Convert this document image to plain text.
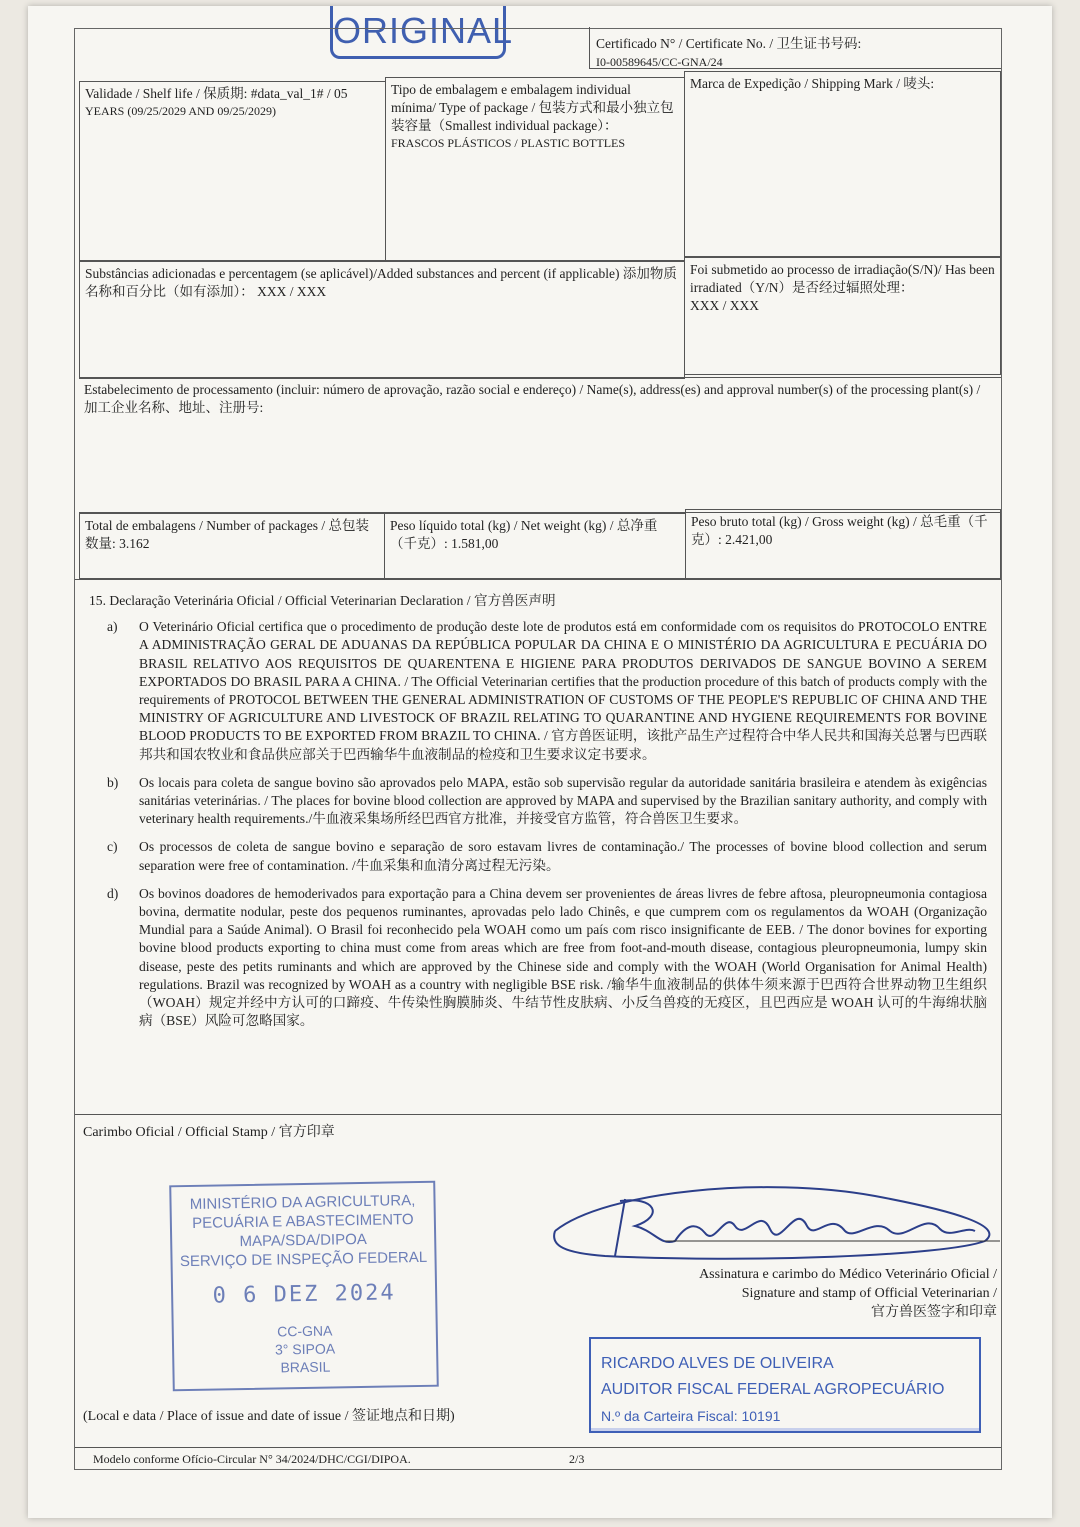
ORIGINAL	Certificado N° / Certificate No. / 卫生证书号码:
I0-00589645/CC-GNA/24
Validade / Shelf life / 保质期: #data_val_1# / 05
YEARS (09/25/2029 AND 09/25/2029)
Tipo de embalagem e embalagem individual mínima/ Type of package / 包装方式和最小独立包装容量（Smallest individual package）：
FRASCOS PLÁSTICOS / PLASTIC BOTTLES
Marca de Expedição / Shipping Mark / 唛头:
Substâncias adicionadas e percentagem (se aplicável)/Added substances and percent (if applicable) 添加物质名称和百分比（如有添加）： XXX / XXX
Foi submetido ao processo de irradiação(S/N)/ Has been irradiated（Y/N）是否经过辐照处理：
XXX / XXX
Estabelecimento de processamento (incluir: número de aprovação, razão social e endereço) / Name(s), address(es) and approval number(s) of the processing plant(s) / 加工企业名称、地址、注册号:
Total de embalagens / Number of packages / 总包装数量: 3.162
Peso líquido total (kg) / Net weight (kg) / 总净重（千克）: 1.581,00
Peso bruto total (kg) / Gross weight (kg) / 总毛重（千克）: 2.421,00
15. Declaração Veterinária Oficial / Official Veterinarian Declaration / 官方兽医声明
a)	O Veterinário Oficial certifica que o procedimento de produção deste lote de produtos está em conformidade com os requisitos do PROTOCOLO ENTRE A ADMINISTRAÇÃO GERAL DE ADUANAS DA REPÚBLICA POPULAR DA CHINA E O MINISTÉRIO DA AGRICULTURA E PECUÁRIA DO BRASIL RELATIVO AOS REQUISITOS DE QUARENTENA E HIGIENE PARA PRODUTOS DERIVADOS DE SANGUE BOVINO A SEREM EXPORTADOS DO BRASIL PARA A CHINA. / The Official Veterinarian certifies that the production procedure of this batch of products comply with the requirements of PROTOCOL BETWEEN THE GENERAL ADMINISTRATION OF CUSTOMS OF THE PEOPLE'S REPUBLIC OF CHINA AND THE MINISTRY OF AGRICULTURE AND LIVESTOCK OF BRAZIL RELATING TO QUARANTINE AND HYGIENE REQUIREMENTS FOR BOVINE BLOOD PRODUCTS TO BE EXPORTED FROM BRAZIL TO CHINA. / 官方兽医证明，该批产品生产过程符合中华人民共和国海关总署与巴西联邦共和国农牧业和食品供应部关于巴西输华牛血液制品的检疫和卫生要求议定书要求。
b)	Os locais para coleta de sangue bovino são aprovados pelo MAPA, estão sob supervisão regular da autoridade sanitária brasileira e atendem às exigências sanitárias veterinárias. / The places for bovine blood collection are approved by MAPA and supervised by the Brazilian sanitary authority, and comply with veterinary health requirements./牛血液采集场所经巴西官方批准，并接受官方监管，符合兽医卫生要求。
c)	Os processos de coleta de sangue bovino e separação de soro estavam livres de contaminação./ The processes of bovine blood collection and serum separation were free of contamination. /牛血采集和血清分离过程无污染。
d)	Os bovinos doadores de hemoderivados para exportação para a China devem ser provenientes de áreas livres de febre aftosa, pleuropneumonia contagiosa bovina, dermatite nodular, peste dos pequenos ruminantes, aprovadas pelo lado Chinês, e que cumprem com os regulamentos da WOAH (Organização Mundial para a Saúde Animal). O Brasil foi reconhecido pela WOAH como um país com risco insignificante de EEB. / The donor bovines for exporting bovine blood products exporting to china must come from areas which are free from foot-and-mouth disease, contagious pleuropneumonia, lumpy skin disease, peste des petits ruminants and which are approved by the Chinese side and comply with the WOAH (World Organisation for Animal Health) regulations. Brazil was recognized by WOAH as a country with negligible BSE risk. /输华牛血液制品的供体牛须来源于巴西符合世界动物卫生组织（WOAH）规定并经中方认可的口蹄疫、牛传染性胸膜肺炎、牛结节性皮肤病、小反刍兽疫的无疫区，且巴西应是 WOAH 认可的牛海绵状脑病（BSE）风险可忽略国家。
Carimbo Oficial / Official Stamp / 官方印章
MINISTÉRIO DA AGRICULTURA,
PECUÁRIA E ABASTECIMENTO
MAPA/SDA/DIPOA
SERVIÇO DE INSPEÇÃO FEDERAL
0 6 DEZ 2024
CC-GNA
3° SIPOA
BRASIL
Assinatura e carimbo do Médico Veterinário Oficial /
Signature and stamp of Official Veterinarian /
官方兽医签字和印章
RICARDO ALVES DE OLIVEIRA
AUDITOR FISCAL FEDERAL AGROPECUÁRIO
N.º da Carteira Fiscal: 10191
(Local e data / Place of issue and date of issue / 签证地点和日期)
Modelo conforme Ofício-Circular N° 34/2024/DHC/CGI/DIPOA.	2/3
